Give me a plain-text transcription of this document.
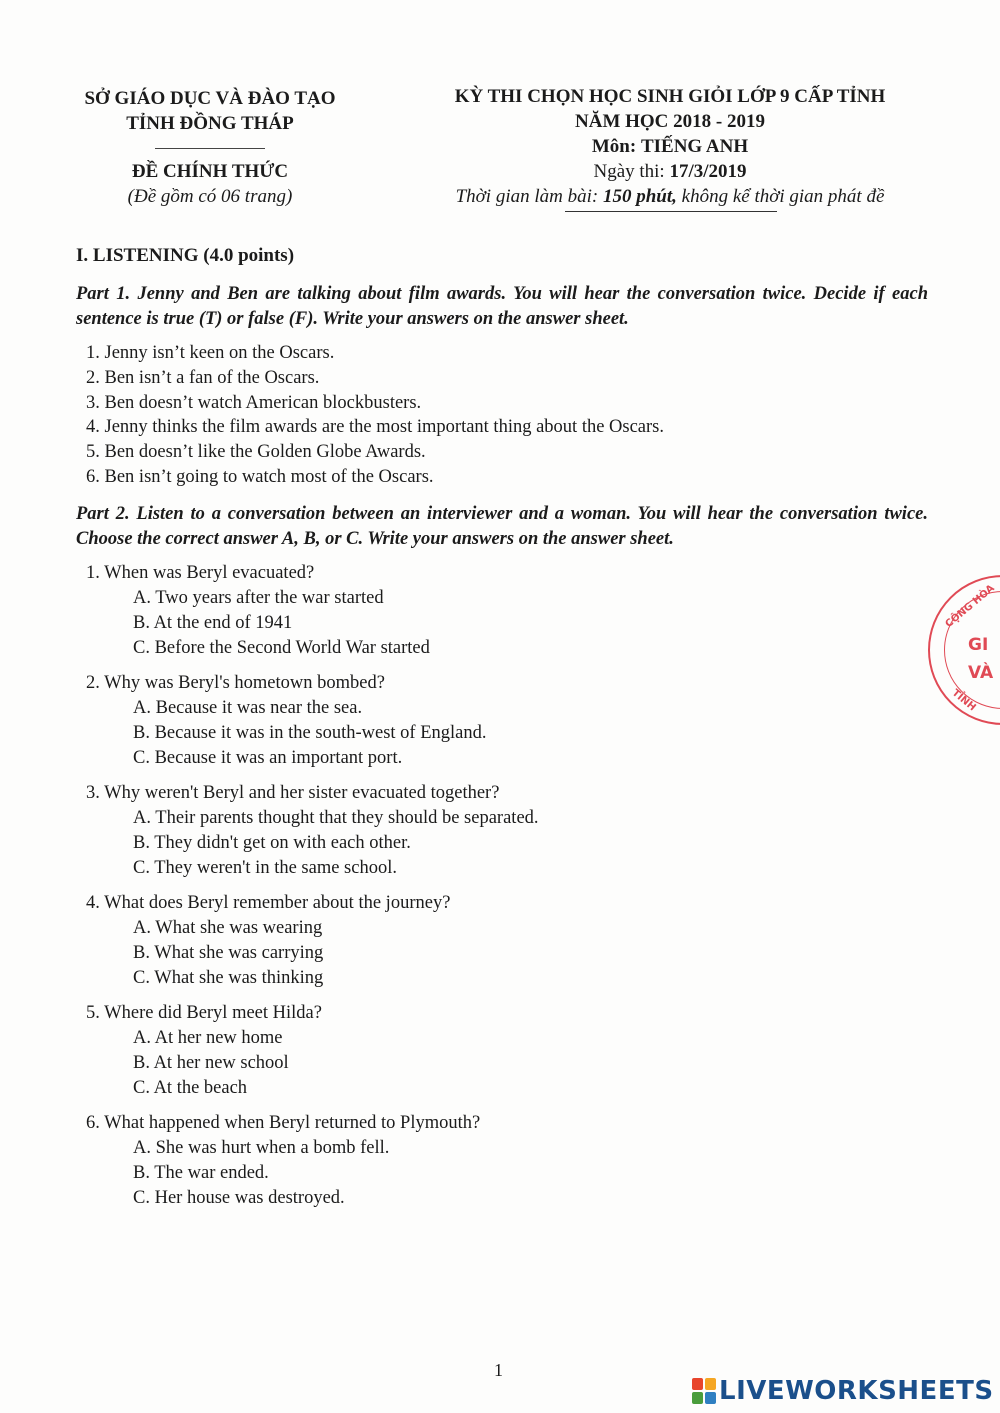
SỞ GIÁO DỤC VÀ ĐÀO TẠO
TỈNH ĐỒNG THÁP
ĐỀ CHÍNH THỨC
(Đề gồm có 06 trang)
KỲ THI CHỌN HỌC SINH GIỎI LỚP 9 CẤP TỈNH
NĂM HỌC 2018 - 2019
Môn: TIẾNG ANH
Ngày thi: 17/3/2019
Thời gian làm bài: 150 phút, không kể thời gian phát đề
I. LISTENING (4.0 points)
Part 1. Jenny and Ben are talking about film awards. You will hear the conversation twice. Decide if each sentence is true (T) or false (F). Write your answers on the answer sheet.
1. Jenny isn’t keen on the Oscars.
2. Ben isn’t a fan of the Oscars.
3. Ben doesn’t watch American blockbusters.
4. Jenny thinks the film awards are the most important thing about the Oscars.
5. Ben doesn’t like the Golden Globe Awards.
6. Ben isn’t going to watch most of the Oscars.
Part 2. Listen to a conversation between an interviewer and a woman. You will hear the conversation twice. Choose the correct answer A, B, or C. Write your answers on the answer sheet.
1. When was Beryl evacuated?
A. Two years after the war started
B. At the end of 1941
C. Before the Second World War started
2. Why was Beryl's hometown bombed?
A. Because it was near the sea.
B. Because it was in the south-west of England.
C. Because it was an important port.
3. Why weren't Beryl and her sister evacuated together?
A. Their parents thought that they should be separated.
B. They didn't get on with each other.
C. They weren't in the same school.
4. What does Beryl remember about the journey?
A. What she was wearing
B. What she was carrying
C. What she was thinking
5. Where did Beryl meet Hilda?
A. At her new home
B. At her new school
C. At the beach
6. What happened when Beryl returned to Plymouth?
A. She was hurt when a bomb fell.
B. The war ended.
C. Her house was destroyed.
CỘNG HÒA
GI
VÀ
TỈNH
1
LIVEWORKSHEETS
